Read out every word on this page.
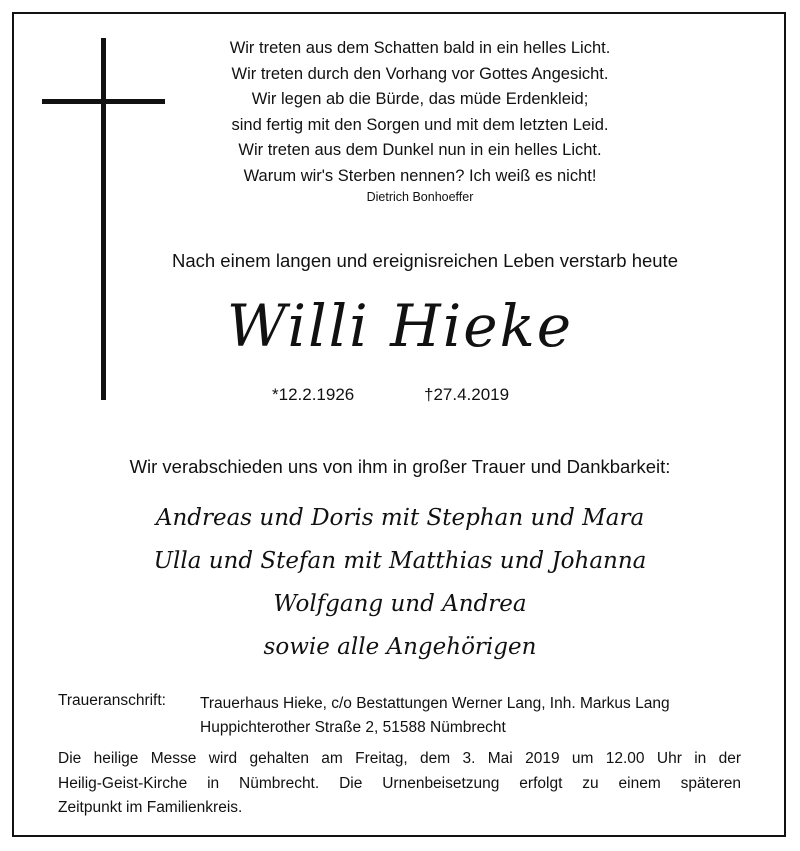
Wir treten aus dem Schatten bald in ein helles Licht.
Wir treten durch den Vorhang vor Gottes Angesicht.
Wir legen ab die Bürde, das müde Erdenkleid;
sind fertig mit den Sorgen und mit dem letzten Leid.
Wir treten aus dem Dunkel nun in ein helles Licht.
Warum wir's Sterben nennen? Ich weiß es nicht!
Dietrich Bonhoeffer
Nach einem langen und ereignisreichen Leben verstarb heute
Willi Hieke
*12.2.1926	†27.4.2019
Wir verabschieden uns von ihm in großer Trauer und Dankbarkeit:
Andreas und Doris mit Stephan und Mara
Ulla und Stefan mit Matthias und Johanna
Wolfgang und Andrea
sowie alle Angehörigen
Traueranschrift: Trauerhaus Hieke, c/o Bestattungen Werner Lang, Inh. Markus Lang
Huppichterother Straße 2, 51588 Nümbrecht
Die heilige Messe wird gehalten am Freitag, dem 3. Mai 2019 um 12.00 Uhr in der
Heilig-Geist-Kirche in Nümbrecht. Die Urnenbeisetzung erfolgt zu einem späteren
Zeitpunkt im Familienkreis.
